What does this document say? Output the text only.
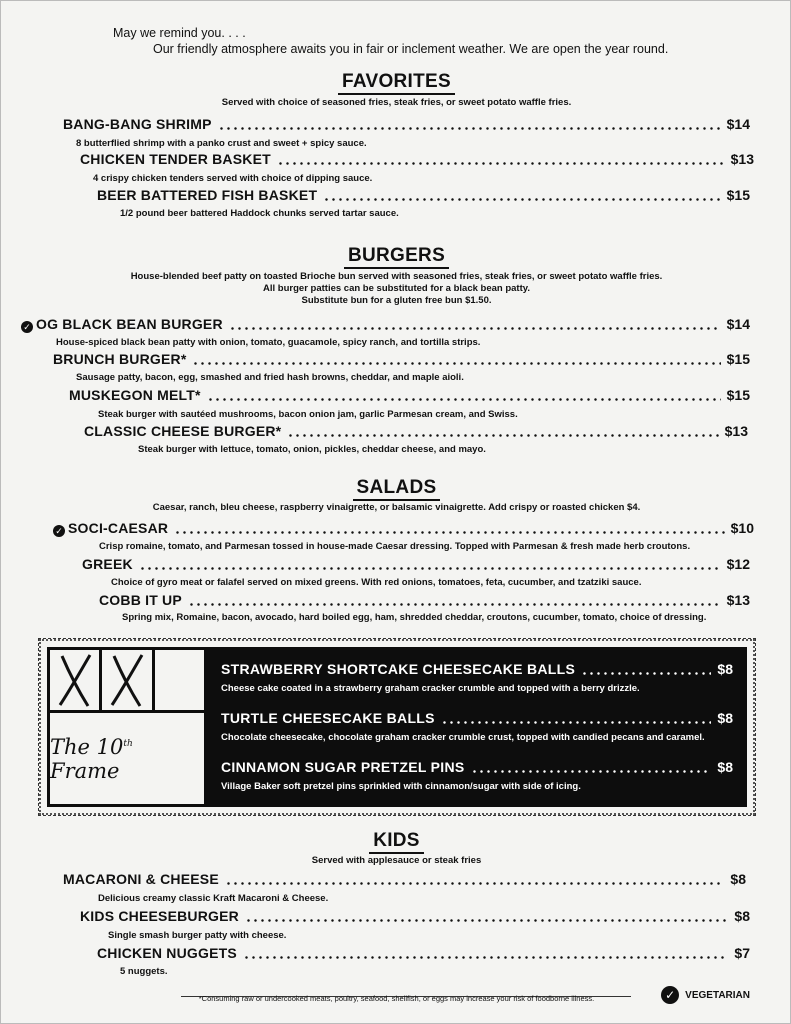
May we remind you. . . .
Our friendly atmosphere awaits you in fair or inclement weather. We are open the year round.
FAVORITES
Served with choice of seasoned fries, steak fries, or sweet potato waffle fries.
BANG-BANG SHRIMP	$14
8 butterflied shrimp with a panko crust and sweet + spicy sauce.
CHICKEN TENDER BASKET	$13
4 crispy chicken tenders served with choice of dipping sauce.
BEER BATTERED FISH BASKET	$15
1/2 pound beer battered Haddock chunks served tartar sauce.
BURGERS
House-blended beef patty on toasted Brioche bun served with seasoned fries, steak fries, or sweet potato waffle fries.
All burger patties can be substituted for a black bean patty.
Substitute bun for a gluten free bun $1.50.
✓ OG BLACK BEAN BURGER	$14
House-spiced black bean patty with onion, tomato, guacamole, spicy ranch, and tortilla strips.
BRUNCH BURGER*	$15
Sausage patty, bacon, egg, smashed and fried hash browns, cheddar, and maple aioli.
MUSKEGON MELT*	$15
Steak burger with sautéed mushrooms, bacon onion jam, garlic Parmesan cream, and Swiss.
CLASSIC CHEESE BURGER*	$13
Steak burger with lettuce, tomato, onion, pickles, cheddar cheese, and mayo.
SALADS
Caesar, ranch, bleu cheese, raspberry vinaigrette, or balsamic vinaigrette. Add crispy or roasted chicken $4.
✓ SOCI-CAESAR	$10
Crisp romaine, tomato, and Parmesan tossed in house-made Caesar dressing. Topped with Parmesan & fresh made herb croutons.
GREEK	$12
Choice of gyro meat or falafel served on mixed greens. With red onions, tomatoes, feta, cucumber, and tzatziki sauce.
COBB IT UP	$13
Spring mix, Romaine, bacon, avocado, hard boiled egg, ham, shredded cheddar, croutons, cucumber, tomato, choice of dressing.
The 10th Frame
STRAWBERRY SHORTCAKE CHEESECAKE BALLS	$8
Cheese cake coated in a strawberry graham cracker crumble and topped with a berry drizzle.
TURTLE CHEESECAKE BALLS	$8
Chocolate cheesecake, chocolate graham cracker crumble crust, topped with candied pecans and caramel.
CINNAMON SUGAR PRETZEL PINS	$8
Village Baker soft pretzel pins sprinkled with cinnamon/sugar with side of icing.
KIDS
Served with applesauce or steak fries
MACARONI & CHEESE	$8
Delicious creamy classic Kraft Macaroni & Cheese.
KIDS CHEESEBURGER	$8
Single smash burger patty with cheese.
CHICKEN NUGGETS	$7
5 nuggets.
*Consuming raw or undercooked meats, poultry, seafood, shellfish, or eggs may increase your risk of foodborne illness.	✓ VEGETARIAN
